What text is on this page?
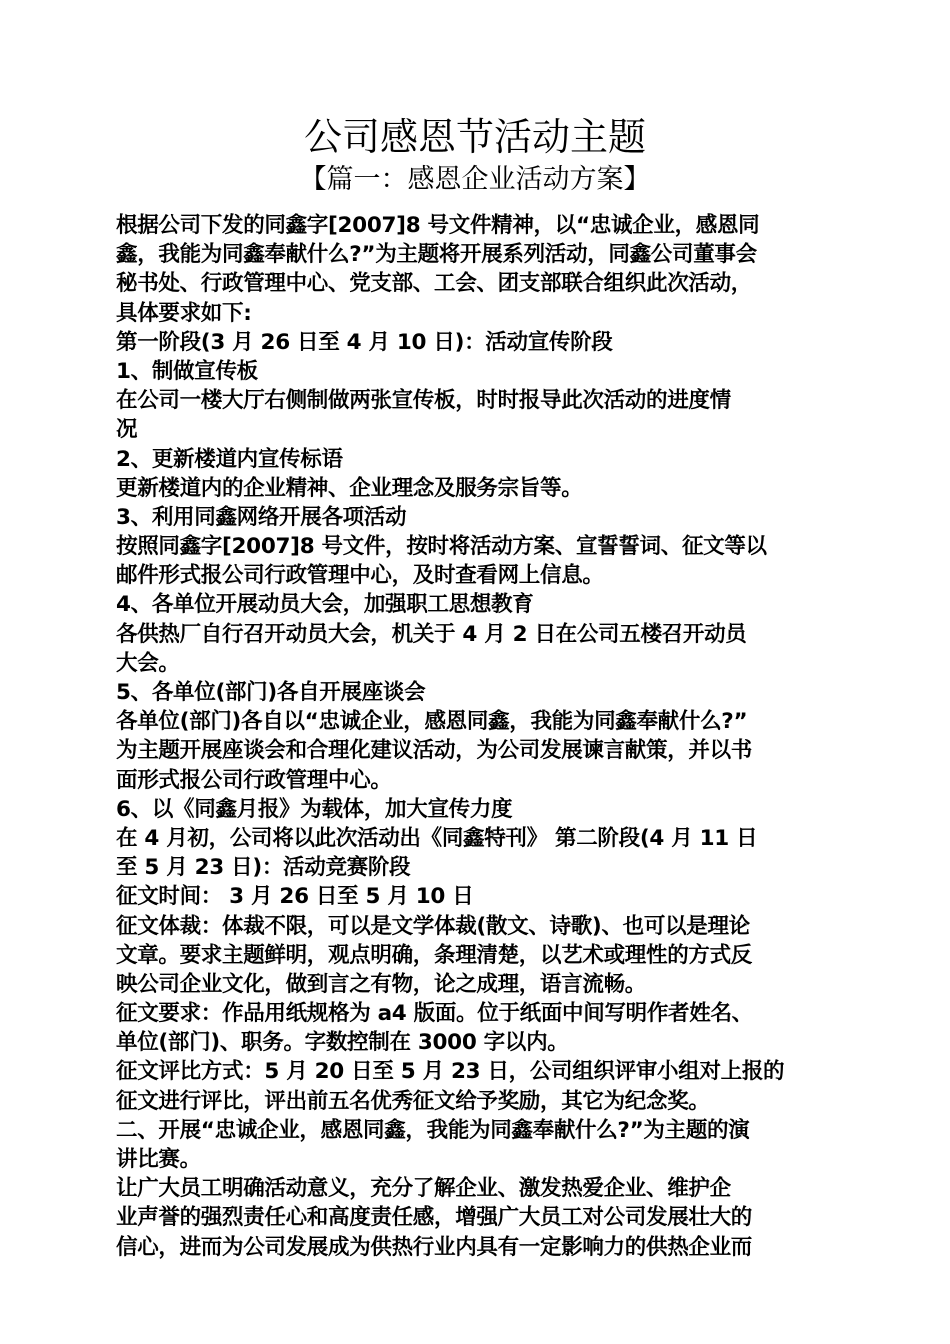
公司感恩节活动主题
【篇一：感恩企业活动方案】
根据公司下发的同鑫字[2007]8 号文件精神，以“忠诚企业，感恩同
鑫，我能为同鑫奉献什么?”为主题将开展系列活动，同鑫公司董事会
秘书处、行政管理中心、党支部、工会、团支部联合组织此次活动，
具体要求如下:
第一阶段(3 月 26 日至 4 月 10 日)：活动宣传阶段
1、制做宣传板
在公司一楼大厅右侧制做两张宣传板，时时报导此次活动的进度情
况
2、更新楼道内宣传标语
更新楼道内的企业精神、企业理念及服务宗旨等。
3、利用同鑫网络开展各项活动
按照同鑫字[2007]8 号文件，按时将活动方案、宣誓誓词、征文等以
邮件形式报公司行政管理中心，及时查看网上信息。
4、各单位开展动员大会，加强职工思想教育
各供热厂自行召开动员大会，机关于 4 月 2 日在公司五楼召开动员
大会。
5、各单位(部门)各自开展座谈会
各单位(部门)各自以“忠诚企业，感恩同鑫，我能为同鑫奉献什么?”
为主题开展座谈会和合理化建议活动，为公司发展谏言献策，并以书
面形式报公司行政管理中心。
6、以《同鑫月报》为载体，加大宣传力度
在 4 月初，公司将以此次活动出《同鑫特刊》 第二阶段(4 月 11 日
至 5 月 23 日)：活动竞赛阶段
征文时间： 3 月 26 日至 5 月 10 日
征文体裁：体裁不限，可以是文学体裁(散文、诗歌)、也可以是理论
文章。要求主题鲜明，观点明确，条理清楚，以艺术或理性的方式反
映公司企业文化，做到言之有物，论之成理，语言流畅。
征文要求：作品用纸规格为 a4 版面。位于纸面中间写明作者姓名、
单位(部门)、职务。字数控制在 3000 字以内。
征文评比方式：5 月 20 日至 5 月 23 日，公司组织评审小组对上报的
征文进行评比，评出前五名优秀征文给予奖励，其它为纪念奖。
二、开展“忠诚企业，感恩同鑫，我能为同鑫奉献什么?”为主题的演
讲比赛。
让广大员工明确活动意义，充分了解企业、激发热爱企业、维护企
业声誉的强烈责任心和高度责任感，增强广大员工对公司发展壮大的
信心，进而为公司发展成为供热行业内具有一定影响力的供热企业而
